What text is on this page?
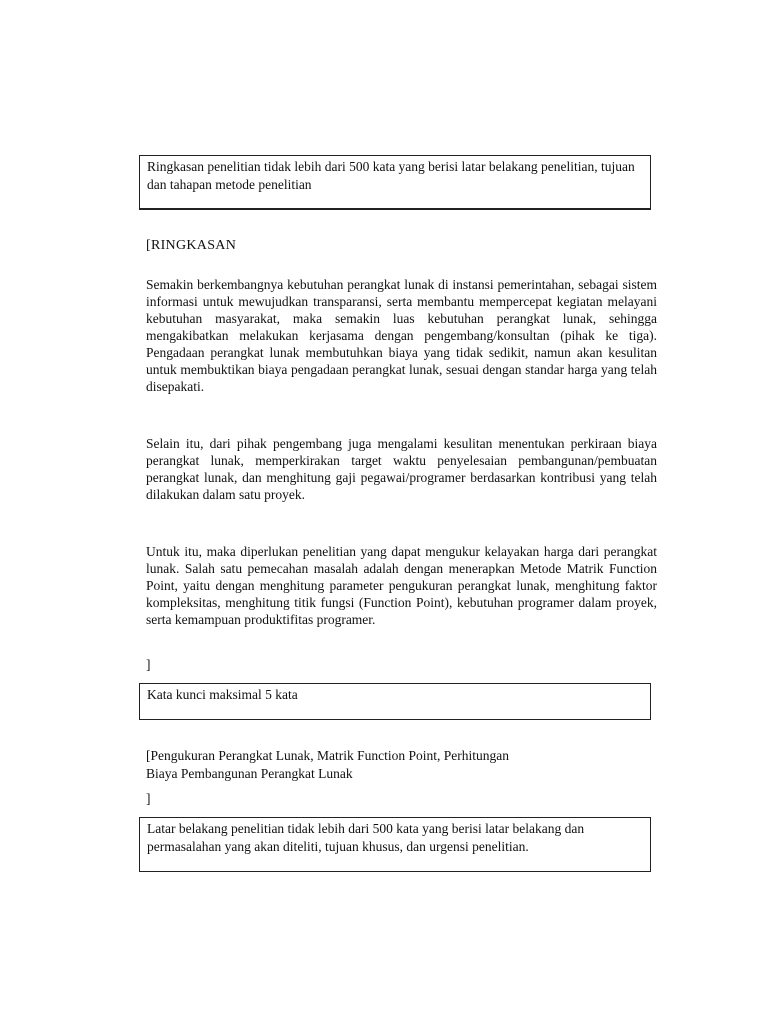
Ringkasan penelitian tidak lebih dari 500 kata yang berisi latar belakang penelitian, tujuan dan tahapan metode penelitian
[RINGKASAN

Semakin berkembangnya kebutuhan perangkat lunak di instansi pemerintahan, sebagai sistem informasi untuk mewujudkan transparansi, serta membantu mempercepat kegiatan melayani kebutuhan masyarakat, maka semakin luas kebutuhan perangkat lunak, sehingga mengakibatkan melakukan kerjasama dengan pengembang/konsultan (pihak ke tiga). Pengadaan perangkat lunak membutuhkan biaya yang tidak sedikit, namun akan kesulitan untuk membuktikan biaya pengadaan perangkat lunak, sesuai dengan standar harga yang telah disepakati.

Selain itu, dari pihak pengembang juga mengalami kesulitan menentukan perkiraan biaya perangkat lunak, memperkirakan target waktu penyelesaian pembangunan/pembuatan perangkat lunak, dan menghitung gaji pegawai/programer berdasarkan kontribusi yang telah dilakukan dalam satu proyek.

Untuk itu, maka diperlukan penelitian yang dapat mengukur kelayakan harga dari perangkat lunak. Salah satu pemecahan masalah adalah dengan menerapkan Metode Matrik Function Point, yaitu dengan menghitung parameter pengukuran perangkat lunak, menghitung faktor kompleksitas, menghitung titik fungsi (Function Point), kebutuhan programer dalam proyek, serta kemampuan produktifitas programer.

]
Kata kunci maksimal 5 kata
[Pengukuran Perangkat Lunak, Matrik Function Point, Perhitungan
Biaya Pembangunan Perangkat Lunak
]
Latar belakang penelitian tidak lebih dari 500 kata yang berisi latar belakang dan permasalahan yang akan diteliti, tujuan khusus, dan urgensi penelitian.
